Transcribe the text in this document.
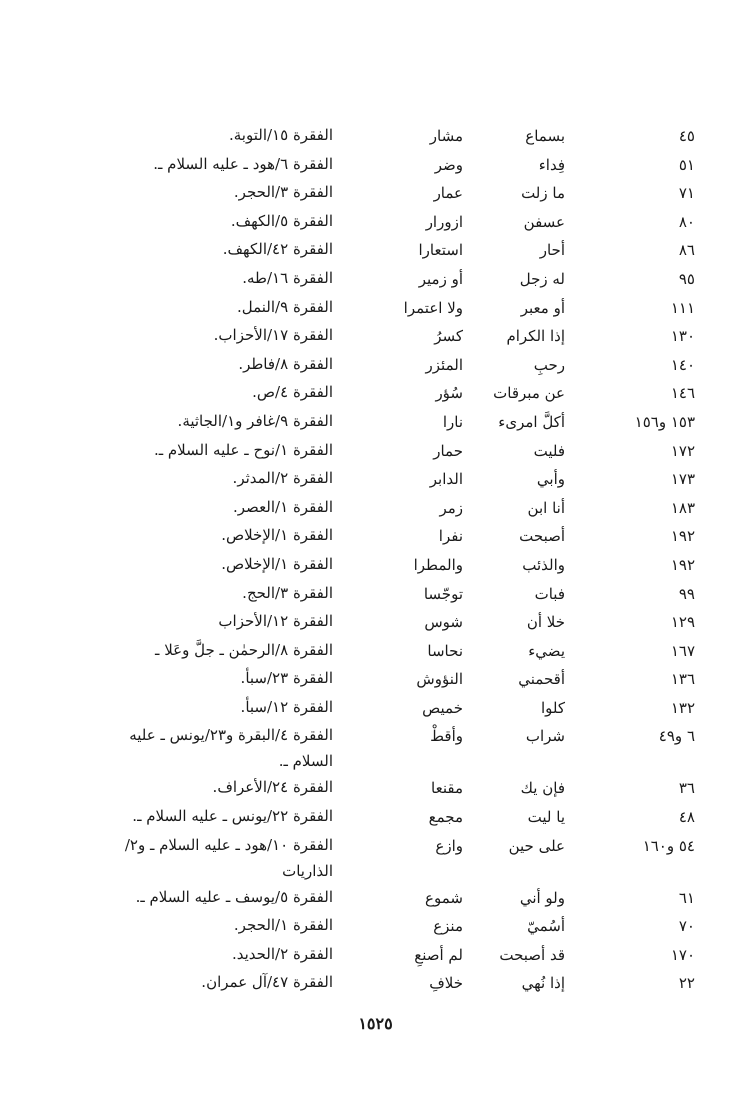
٤٥
بسماع
مشار
الفقرة ١٥/التوبة.
٥١
فِداء
وضر
الفقرة ٦/هود ـ عليه السلام ـ.
٧١
ما زلت
عمار
الفقرة ٣/الحجر.
٨٠
عسفن
ازورار
الفقرة ٥/الكهف.
٨٦
أحار
استعارا
الفقرة ٤٢/الكهف.
٩٥
له زجل
أو زمير
الفقرة ١٦/طه.
١١١
أو معبر
ولا اعتمرا
الفقرة ٩/النمل.
١٣٠
إذا الكرام
كسرُ
الفقرة ١٧/الأحزاب.
١٤٠
رحبِ
المئزر
الفقرة ٨/فاطر.
١٤٦
عن مبرقات
سُؤر
الفقرة ٤/ص.
١٥٣ و١٥٦
أكلَّ امرىء
نارا
الفقرة ٩/غافر و١/الجاثية.
١٧٢
فليت
حمار
الفقرة ١/نوح ـ عليه السلام ـ.
١٧٣
وأبي
الدابر
الفقرة ٢/المدثر.
١٨٣
أنا ابن
زمر
الفقرة ١/العصر.
١٩٢
أصبحت
نفرا
الفقرة ١/الإخلاص.
١٩٢
والذئب
والمطرا
الفقرة ١/الإخلاص.
٩٩
فبات
توجّسا
الفقرة ٣/الحج.
١٢٩
خلا أن
شوس
الفقرة ١٢/الأحزاب
١٦٧
يضيء
نحاسا
الفقرة ٨/الرحمٰن ـ جلَّ وعَلا ـ
١٣٦
أقحمني
النؤوش
الفقرة ٢٣/سبأ.
١٣٢
كلوا
خميص
الفقرة ١٢/سبأ.
٦ و٤٩
شراب
وأقطْ
الفقرة ٤/البقرة و٢٣/يونس ـ عليه السلام ـ.
٣٦
فإن يك
مقنعا
الفقرة ٢٤/الأعراف.
٤٨
يا ليت
مجمع
الفقرة ٢٢/يونس ـ عليه السلام ـ.
٥٤ و١٦٠
على حين
وازع
الفقرة ١٠/هود ـ عليه السلام ـ و٢/الذاريات
٦١
ولو أني
شموع
الفقرة ٥/يوسف ـ عليه السلام ـ.
٧٠
أسُميّ
منزع
الفقرة ١/الحجر.
١٧٠
قد أصبحت
لم أصنعِ
الفقرة ٢/الحديد.
٢٢
إذا نُهي
خلافِ
الفقرة ٤٧/آل عمران.
١٥٢٥
